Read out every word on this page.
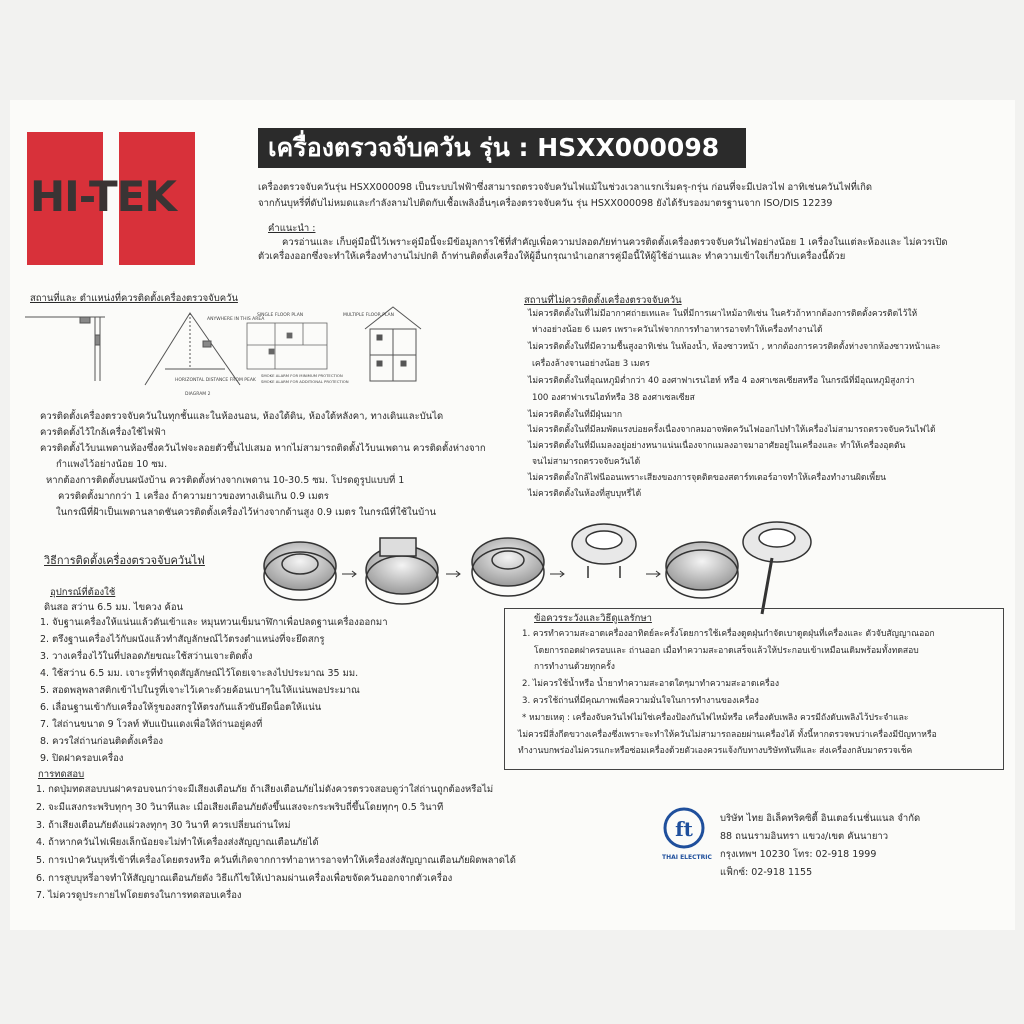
HI-TEK
เครื่องตรวจจับควัน รุ่น : HSXX000098
เครื่องตรวจจับควันรุ่น HSXX000098 เป็นระบบไฟฟ้าซึ่งสามารถตรวจจับควันไฟแม้ในช่วงเวลาแรกเริ่มครุ-กรุ่น ก่อนที่จะมีเปลวไฟ อาทิเช่นควันไฟที่เกิด
จากก้นบุหรี่ที่ดับไม่หมดและกำลังลามไปติดกับเชื้อเพลิงอื่นๆเครื่องตรวจจับควัน รุ่น HSXX000098 ยังได้รับรองมาตรฐานจาก ISO/DIS 12239
คำแนะนำ :
ควรอ่านและ เก็บคู่มือนี้ไว้เพราะคู่มือนี้จะมีข้อมูลการใช้ที่สำคัญเพื่อความปลอดภัยท่านควรติดตั้งเครื่องตรวจจับควันไฟอย่างน้อย 1 เครื่องในแต่ละห้องและ ไม่ควรเปิด
ตัวเครื่องออกซึ่งจะทำให้เครื่องทำงานไม่ปกติ ถ้าท่านติดตั้งเครื่องให้ผู้อื่นกรุณานำเอกสารคู่มือนี้ให้ผู้ใช้อ่านและ ทำความเข้าใจเกี่ยวกับเครื่องนี้ด้วย
สถานที่และ ตำแหน่งที่ควรติดตั้งเครื่องตรวจจับควัน
ANYWHERE IN THIS AREA
HORIZONTAL DISTANCE FROM PEAK
DIAGRAM 2
SINGLE FLOOR PLAN
SMOKE ALARM FOR MINIMUM PROTECTION
SMOKE ALARM FOR ADDITIONAL PROTECTION
MULTIPLE FLOOR PLAN
ควรติดตั้งเครื่องตรวจจับควันในทุกชั้นและในห้องนอน, ห้องใต้ดิน, ห้องใต้หลังคา, ทางเดินและบันได
ควรติดตั้งไว้ใกล้เครื่องใช้ไฟฟ้า
ควรติดตั้งไว้บนเพดานห้องซึ่งควันไฟจะลอยตัวขึ้นไปเสมอ หากไม่สามารถติดตั้งไว้บนเพดาน ควรติดตั้งห่างจาก
กำแพงไว้อย่างน้อย 10 ซม.
หากต้องการติดตั้งบนผนังบ้าน ควรติดตั้งห่างจากเพดาน 10-30.5 ซม. โปรดดูรูปแบบที่ 1
ควรติดตั้งมากกว่า 1 เครื่อง ถ้าความยาวของทางเดินเกิน 0.9 เมตร
ในกรณีที่ฝ้าเป็นเพดานลาดชันควรติดตั้งเครื่องไว้ห่างจากด้านสูง 0.9 เมตร ในกรณีที่ใช้ในบ้าน
สถานที่ไม่ควรติดตั้งเครื่องตรวจจับควัน
ไม่ควรติดตั้งในที่ไม่มีอากาศถ่ายเทและ ในที่มีการเผาไหม้อาทิเช่น ในครัวถ้าหากต้องการติดตั้งควรติดไว้ให้
ห่างอย่างน้อย 6 เมตร เพราะควันไฟจากการทำอาหารอาจทำให้เครื่องทำงานได้
ไม่ควรติดตั้งในที่มีความชื้นสูงอาทิเช่น ในห้องน้ำ, ห้องซาวหน้า , หากต้องการควรติดตั้งห่างจากห้องซาวหน้าและ
เครื่องล้างจานอย่างน้อย 3 เมตร
ไม่ควรติดตั้งในที่อุณหภูมิต่ำกว่า 40 องศาฟาเรนไฮท์ หรือ 4 องศาเซลเซียสหรือ ในกรณีที่มีอุณหภูมิสูงกว่า
100 องศาฟาเรนไฮท์หรือ 38 องศาเซลเซียส
ไม่ควรติดตั้งในที่มีฝุ่นมาก
ไม่ควรติดตั้งในที่มีลมพัดแรงบ่อยครั้งเนื่องจากลมอาจพัดควันไฟออกไปทำให้เครื่องไม่สามารถตรวจจับควันไฟได้
ไม่ควรติดตั้งในที่มีแมลงอยู่อย่างหนาแน่นเนื่องจากแมลงอาจมาอาศัยอยู่ในเครื่องและ ทำให้เครื่องอุดตัน
จนไม่สามารถตรวจจับควันได้
ไม่ควรติดตั้งใกล้ไฟนีออนเพราะเสียงของการจุดติดของสตาร์ทเตอร์อาจทำให้เครื่องทำงานผิดเพี้ยน
ไม่ควรติดตั้งในห้องที่สูบบุหรี่ได้
วิธีการติดตั้งเครื่องตรวจจับควันไฟ
อุปกรณ์ที่ต้องใช้
ดินสอ สว่าน 6.5 มม. ไขควง ค้อน
1. จับฐานเครื่องให้แน่นแล้วดันเข้าและ หมุนทวนเข็มนาฬิกาเพื่อปลดฐานเครื่องออกมา
2. ตรึงฐานเครื่องไว้กับผนังแล้วทำสัญลักษณ์ไว้ตรงตำแหน่งที่จะยึดสกรู
3. วางเครื่องไว้ในที่ปลอดภัยขณะใช้สว่านเจาะติดตั้ง
4. ใช้สว่าน 6.5 มม. เจาะรูที่ทำจุดสัญลักษณ์ไว้โดยเจาะลงไปประมาณ 35 มม.
5. สอดพลุพลาสติกเข้าไปในรูที่เจาะไว้เคาะด้วยค้อนเบาๆในให้แน่นพอประมาณ
6. เลื่อนฐานเข้ากับเครื่องให้รูของสกรูให้ตรงกันแล้วขันยึดน็อตให้แน่น
7. ใส่ถ่านขนาด 9 โวลท์ ทับแป้นแดงเพื่อให้ถ่านอยู่คงที่
8. ควรใส่ถ่านก่อนติดตั้งเครื่อง
9. ปิดฝาครอบเครื่อง
การทดสอบ
1. กดปุ่มทดสอบบนฝาครอบจนกว่าจะมีเสียงเตือนภัย ถ้าเสียงเตือนภัยไม่ดังควรตรวจสอบดูว่าใส่ถ่านถูกต้องหรือไม่
2. จะมีแสงกระพริบทุกๆ 30 วินาทีและ เมื่อเสียงเตือนภัยดังขึ้นแสงจะกระพริบถี่ขึ้นโดยทุกๆ 0.5 วินาที
3. ถ้าเสียงเตือนภัยดังแผ่วลงทุกๆ 30 วินาที ควรเปลี่ยนถ่านใหม่
4. ถ้าหากควันไฟเพียงเล็กน้อยจะไม่ทำให้เครื่องส่งสัญญาณเตือนภัยได้
5. การเป่าควันบุหรี่เข้าที่เครื่องโดยตรงหรือ ควันที่เกิดจากการทำอาหารอาจทำให้เครื่องส่งสัญญาณเตือนภัยผิดพลาดได้
6. การสูบบุหรี่อาจทำให้สัญญาณเตือนภัยดัง วิธีแก้ไขให้เป่าลมผ่านเครื่องเพื่อขจัดควันออกจากตัวเครื่อง
7. ไม่ควรดูประกายไฟโดยตรงในการทดสอบเครื่อง
ข้อควรระวังและวิธีดูแลรักษา
1. ควรทำความสะอาดเครื่องอาทิตย์ละครั้งโดยการใช้เครื่องดูดฝุ่นกำจัดเบาดูดฝุ่นที่เครื่องและ ตัวจับสัญญาณออก
โดยการถอดฝาครอบและ ถ่านออก เมื่อทำความสะอาดเสร็จแล้วให้ประกอบเข้าเหมือนเดิมพร้อมทั้งทดสอบ
การทำงานด้วยทุกครั้ง
2. ไม่ควรใช้น้ำหรือ น้ำยาทำความสะอาดใดๆมาทำความสะอาดเครื่อง
3. ควรใช้ถ่านที่มีคุณภาพเพื่อความมั่นใจในการทำงานของเครื่อง
* หมายเหตุ : เครื่องจับควันไฟไม่ใช่เครื่องป้องกันไฟไหม้หรือ เครื่องดับเพลิง ควรมีถังดับเพลิงไว้ประจำและ
ไม่ควรมีสิ่งกีดขวางเครื่องซึ่งเพราะจะทำให้ควันไม่สามารถลอยผ่านเครื่องได้ ทั้งนี้หากตรวจพบว่าเครื่องมีปัญหาหรือ
ทำงานบกพร่องไม่ควรแกะหรือซ่อมเครื่องด้วยตัวเองควรแจ้งกับทางบริษัททันทีและ ส่งเครื่องกลับมาตรวจเช็ค
ft
THAI ELECTRIC
บริษัท ไทย อิเล็คทริคซิตี้ อินเตอร์เนชั่นแนล จำกัด
88 ถนนรามอินทรา แขวง/เขต คันนายาว
กรุงเทพฯ 10230 โทร: 02-918 1999
แฟ็กซ์: 02-918 1155
